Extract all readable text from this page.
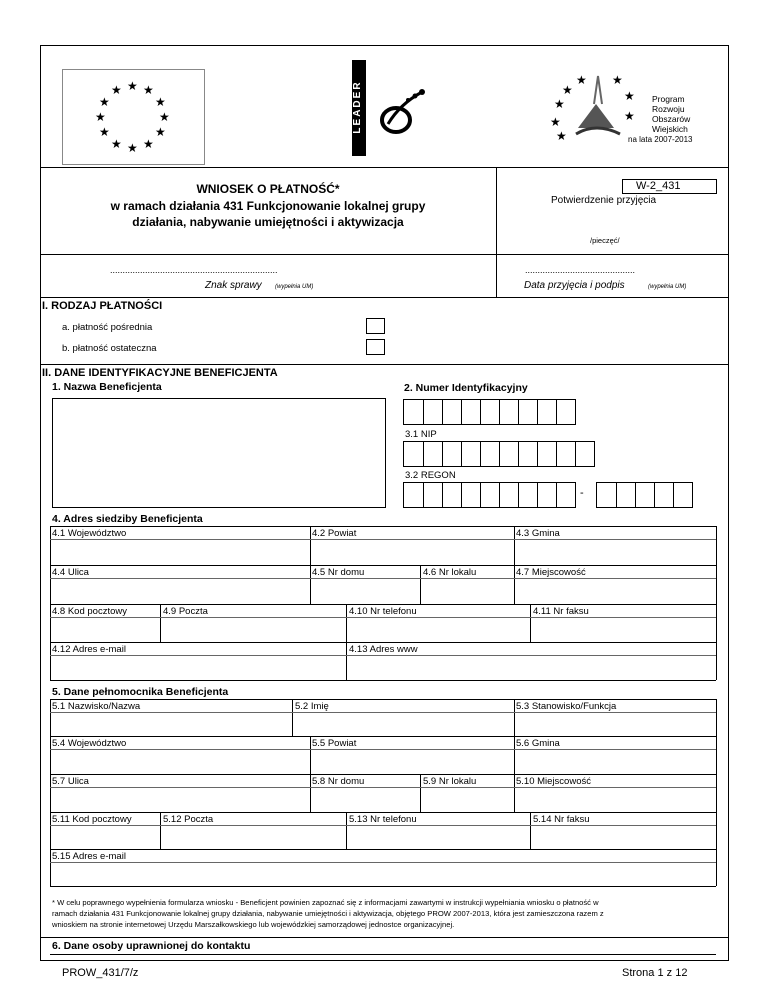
★ ★
★
★
★
★
★
★
★
★
★
★	LEADER	★
★
★ ★
★
★
★
★
Program
Rozwoju
Obszarów
Wiejskich
na lata 2007-2013
W-2_431
WNIOSEK O PŁATNOŚĆ*
w ramach działania 431 Funkcjonowanie lokalnej grupy
działania, nabywanie umiejętności i aktywizacja
Potwierdzenie przyjęcia
/pieczęć/
...................................................................
Znak sprawy (wypełnia UM)
............................................
Data przyjęcia i podpis	(wypełnia UM)
I. RODZAJ PŁATNOŚCI
a. płatność pośrednia
b. płatność ostateczna
II. DANE IDENTYFIKACYJNE BENEFICJENTA
1. Nazwa Beneficjenta	2. Numer Identyfikacyjny
3.1 NIP
3.2 REGON
-
4. Adres siedziby Beneficjenta
4.1 Województwo	4.2 Powiat	4.3 Gmina
4.4 Ulica	4.5 Nr domu	4.6 Nr lokalu	4.7 Miejscowość
4.8 Kod pocztowy	4.9 Poczta	4.10 Nr telefonu	4.11 Nr faksu
4.12 Adres e-mail	4.13 Adres www
5. Dane pełnomocnika Beneficjenta
5.1 Nazwisko/Nazwa	5.2 Imię	5.3 Stanowisko/Funkcja
5.4 Województwo	5.5 Powiat	5.6 Gmina
5.7 Ulica	5.8 Nr domu	5.9 Nr lokalu	5.10 Miejscowość
5.11 Kod pocztowy	5.12 Poczta	5.13 Nr telefonu	5.14 Nr faksu
5.15 Adres e-mail
* W celu poprawnego wypełnienia formularza wniosku - Beneficjent powinien zapoznać się z informacjami zawartymi w instrukcji wypełniania wniosku o płatność w
ramach działania 431 Funkcjonowanie lokalnej grupy działania, nabywanie umiejętności i aktywizacja, objętego PROW 2007-2013, która jest zamieszczona razem z
wnioskiem na stronie internetowej Urzędu Marszałkowskiego lub wojewódzkiej samorządowej jednostce organizacyjnej.
6. Dane osoby uprawnionej do kontaktu
PROW_431/7/z	Strona 1 z 12
